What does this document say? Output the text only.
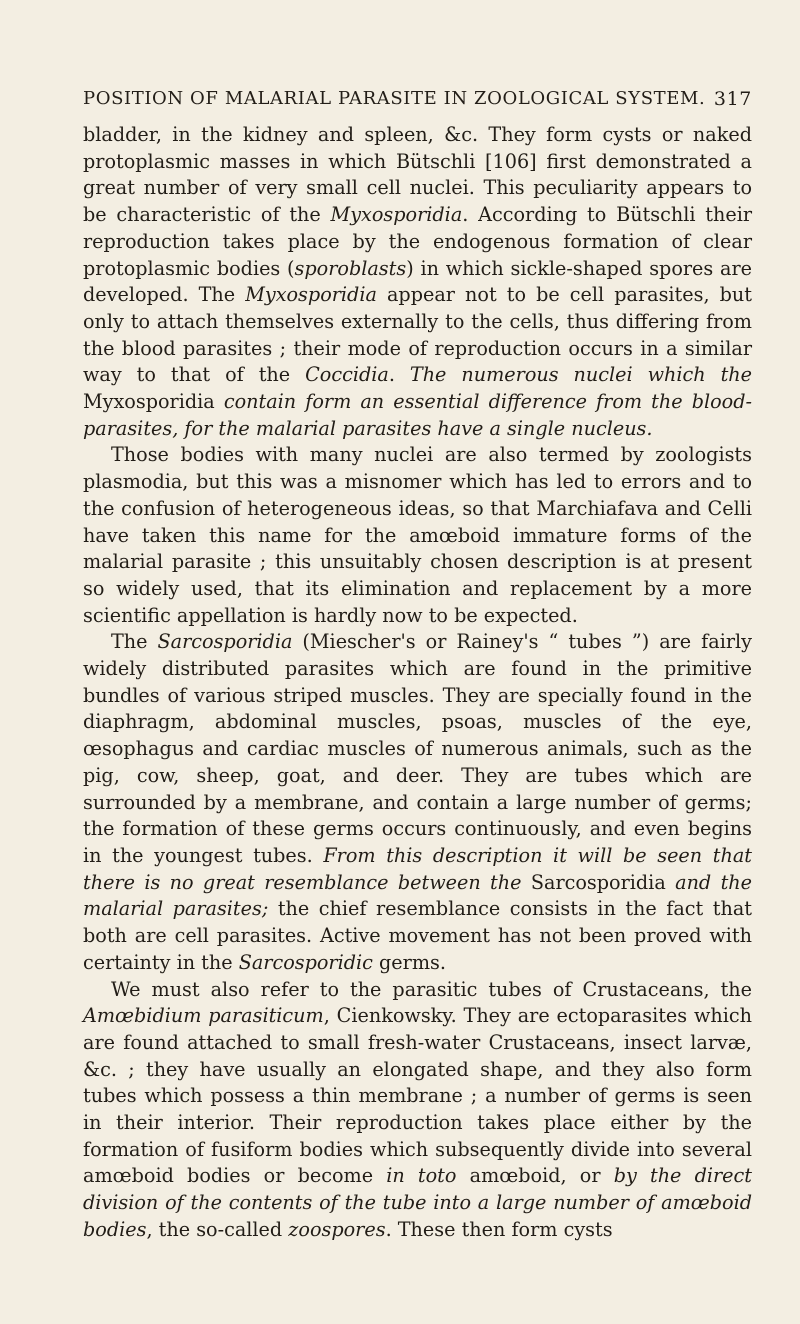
POSITION OF MALARIAL PARASITE IN ZOOLOGICAL SYSTEM. 317

bladder, in the kidney and spleen, &c. They form cysts or naked protoplasmic masses in which Bütschli [106] first demonstrated a great number of very small cell nuclei. This peculiarity appears to be characteristic of the Myxosporidia. According to Bütschli their reproduction takes place by the endogenous formation of clear protoplasmic bodies (sporoblasts) in which sickle-shaped spores are developed. The Myxosporidia appear not to be cell parasites, but only to attach themselves externally to the cells, thus differing from the blood parasites ; their mode of reproduction occurs in a similar way to that of the Coccidia. The numerous nuclei which the Myxosporidia contain form an essential difference from the blood-parasites, for the malarial parasites have a single nucleus.

Those bodies with many nuclei are also termed by zoologists plasmodia, but this was a misnomer which has led to errors and to the confusion of heterogeneous ideas, so that Marchiafava and Celli have taken this name for the amœboid immature forms of the malarial parasite ; this unsuitably chosen description is at present so widely used, that its elimination and replacement by a more scientific appellation is hardly now to be expected.

The Sarcosporidia (Miescher's or Rainey's “ tubes ”) are fairly widely distributed parasites which are found in the primitive bundles of various striped muscles. They are specially found in the diaphragm, abdominal muscles, psoas, muscles of the eye, œsophagus and cardiac muscles of numerous animals, such as the pig, cow, sheep, goat, and deer. They are tubes which are surrounded by a membrane, and contain a large number of germs; the formation of these germs occurs continuously, and even begins in the youngest tubes. From this description it will be seen that there is no great resemblance between the Sarcosporidia and the malarial parasites; the chief resemblance consists in the fact that both are cell parasites. Active movement has not been proved with certainty in the Sarcosporidic germs.

We must also refer to the parasitic tubes of Crustaceans, the Amœbidium parasiticum, Cienkowsky. They are ectoparasites which are found attached to small fresh-water Crustaceans, insect larvæ, &c. ; they have usually an elongated shape, and they also form tubes which possess a thin membrane ; a number of germs is seen in their interior. Their reproduction takes place either by the formation of fusiform bodies which subsequently divide into several amœboid bodies or become in toto amœboid, or by the direct division of the contents of the tube into a large number of amœboid bodies, the so-called zoospores. These then form cysts
